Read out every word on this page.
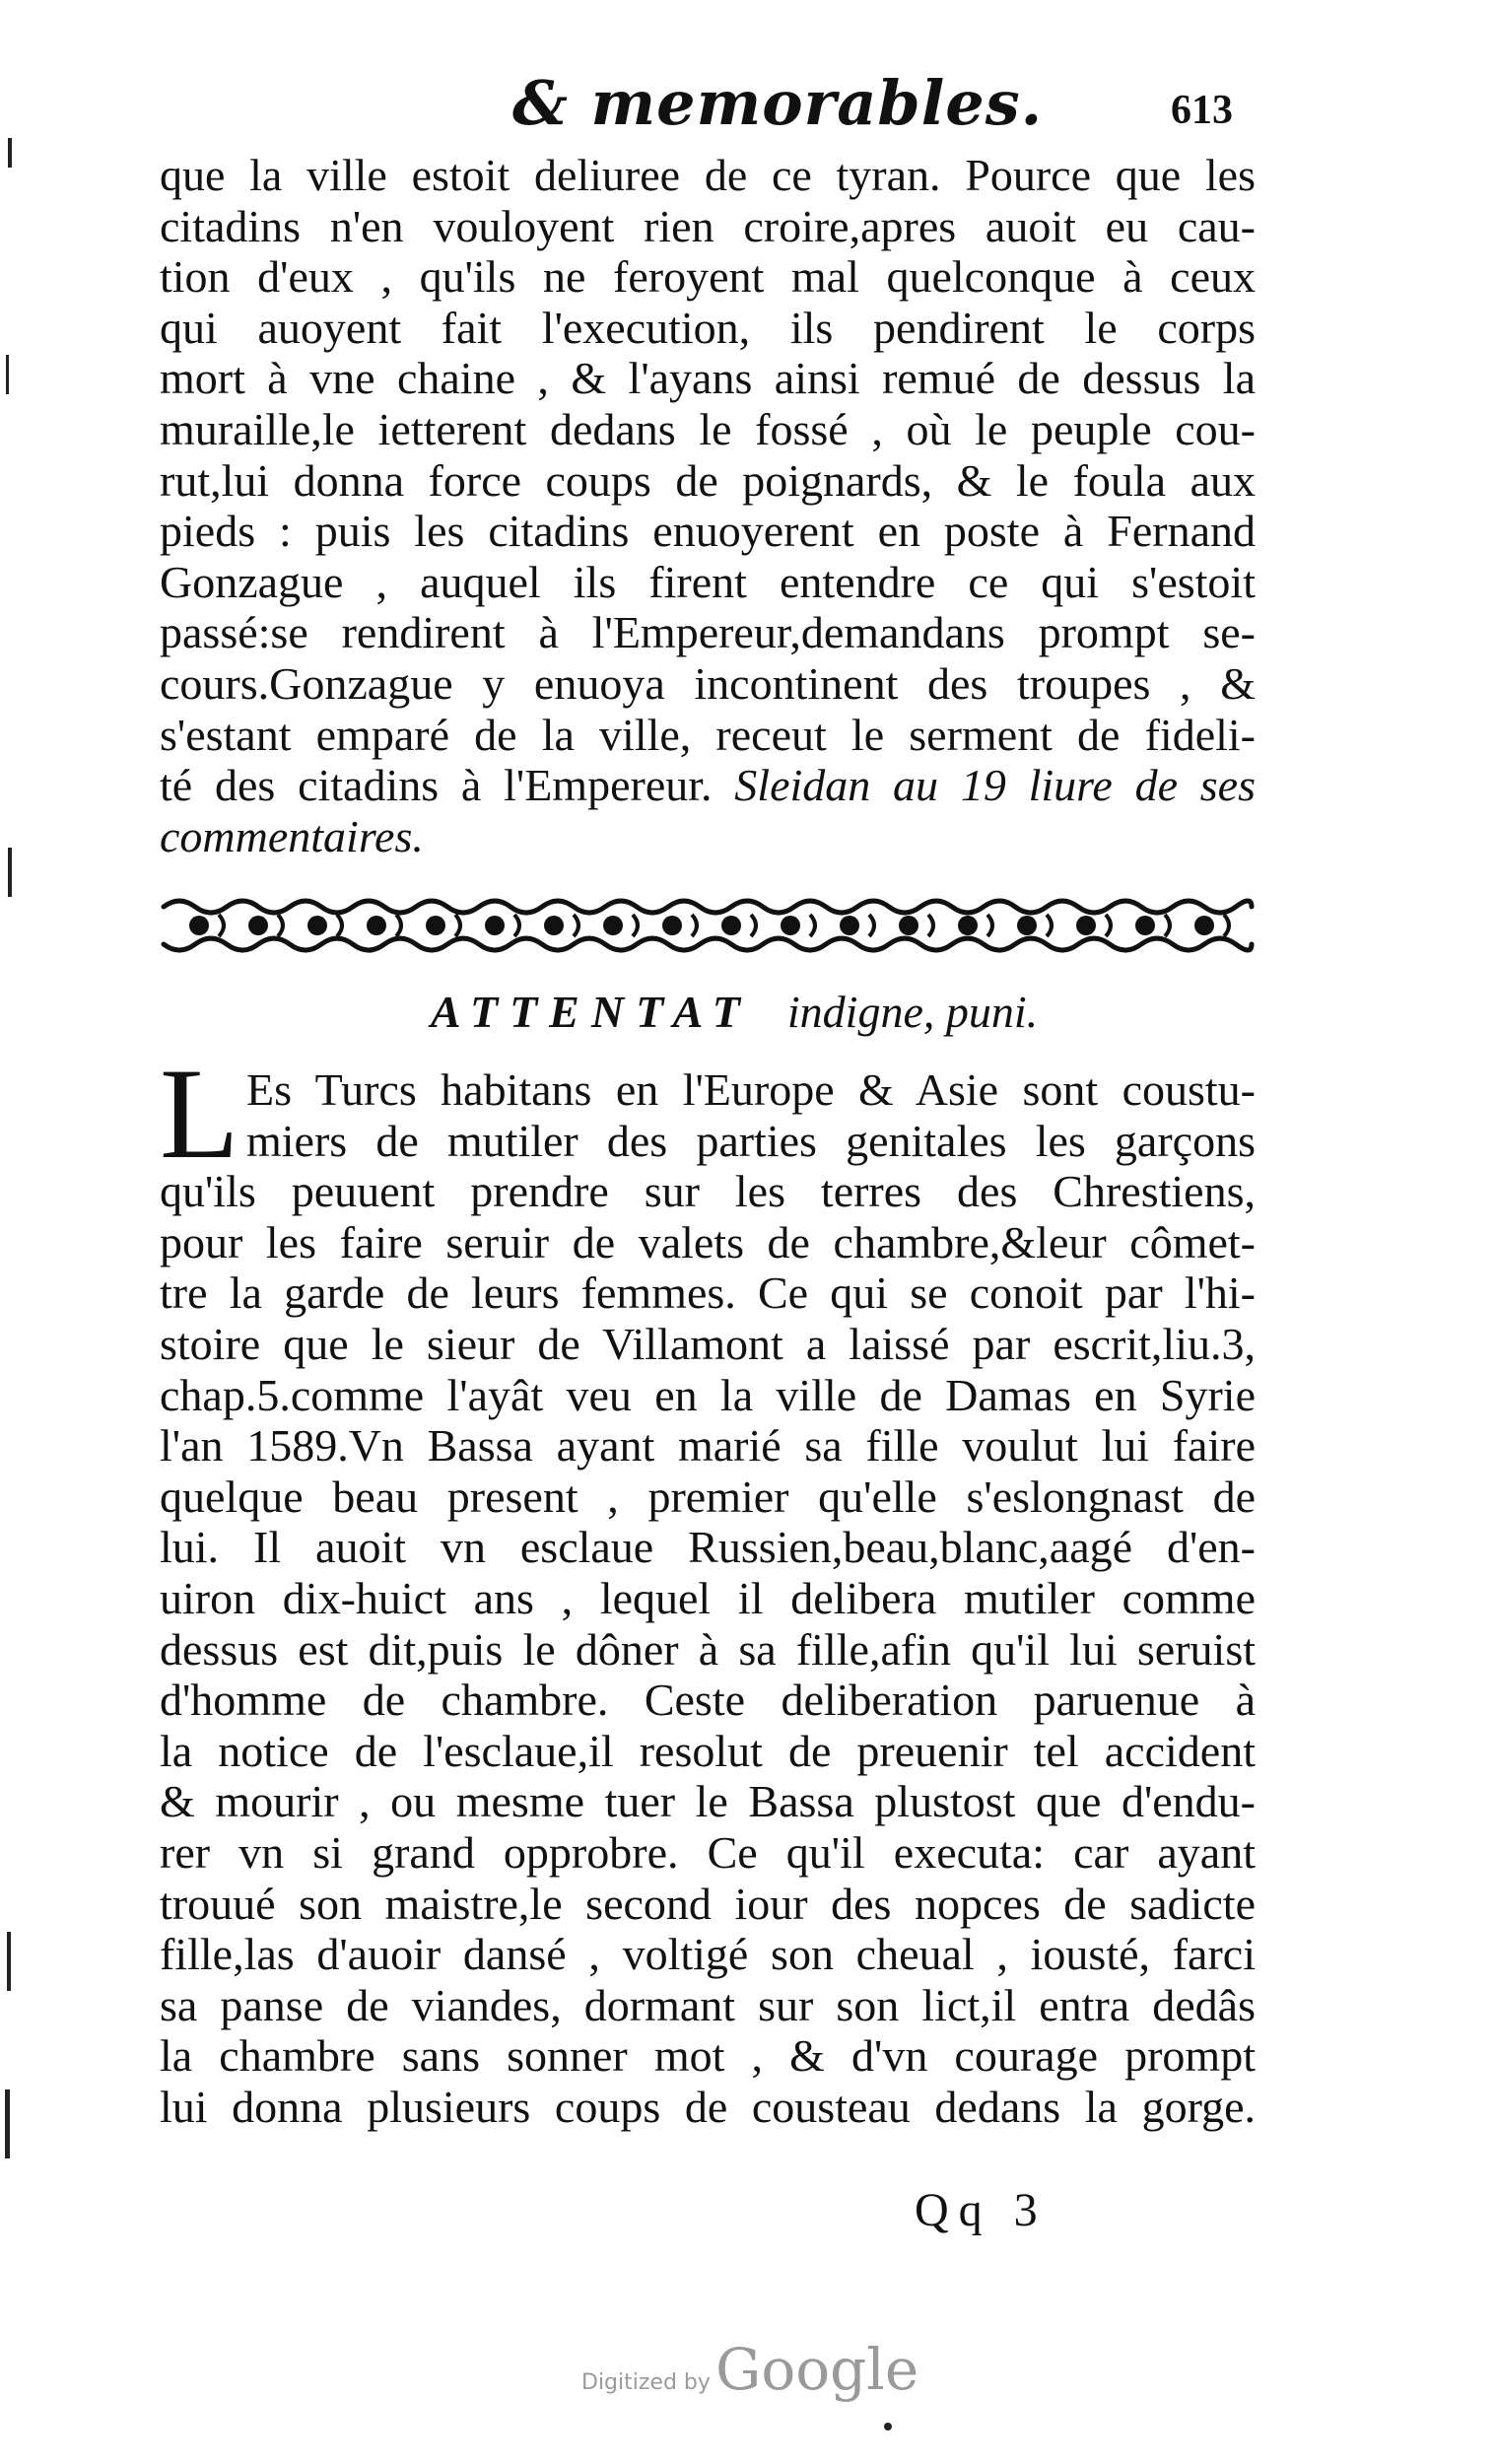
& memorables.	613
que la ville estoit deliuree de ce tyran. Pource que les
citadins n'en vouloyent rien croire,apres auoit eu cau-
tion d'eux , qu'ils ne feroyent mal quelconque à ceux
qui auoyent fait l'execution, ils pendirent le corps
mort à vne chaine , & l'ayans ainsi remué de dessus la
muraille,le ietterent dedans le fossé , où le peuple cou-
rut,lui donna force coups de poignards, & le foula aux
pieds : puis les citadins enuoyerent en poste à Fernand
Gonzague , auquel ils firent entendre ce qui s'estoit
passé:se rendirent à l'Empereur,demandans prompt se-
cours.Gonzague y enuoya incontinent des troupes , &
s'estant emparé de la ville, receut le serment de fideli-
té des citadins à l'Empereur. Sleidan au 19 liure de ses
commentaires.
ATTENTAT indigne, puni.
L Es Turcs habitans en l'Europe & Asie sont coustu-
miers de mutiler des parties genitales les garçons
qu'ils peuuent prendre sur les terres des Chrestiens,
pour les faire seruir de valets de chambre,&leur cômet-
tre la garde de leurs femmes. Ce qui se conoit par l'hi-
stoire que le sieur de Villamont a laissé par escrit,liu.3,
chap.5.comme l'ayât veu en la ville de Damas en Syrie
l'an 1589.Vn Bassa ayant marié sa fille voulut lui faire
quelque beau present , premier qu'elle s'eslongnast de
lui. Il auoit vn esclaue Russien,beau,blanc,aagé d'en-
uiron dix-huict ans , lequel il delibera mutiler comme
dessus est dit,puis le dôner à sa fille,afin qu'il lui seruist
d'homme de chambre. Ceste deliberation paruenue à
la notice de l'esclaue,il resolut de preuenir tel accident
& mourir , ou mesme tuer le Bassa plustost que d'endu-
rer vn si grand opprobre. Ce qu'il executa: car ayant
trouué son maistre,le second iour des nopces de sadicte
fille,las d'auoir dansé , voltigé son cheual , iousté, farci
sa panse de viandes, dormant sur son lict,il entra dedâs
la chambre sans sonner mot , & d'vn courage prompt
lui donna plusieurs coups de cousteau dedans la gorge.
Qq 3
Digitized by Google
